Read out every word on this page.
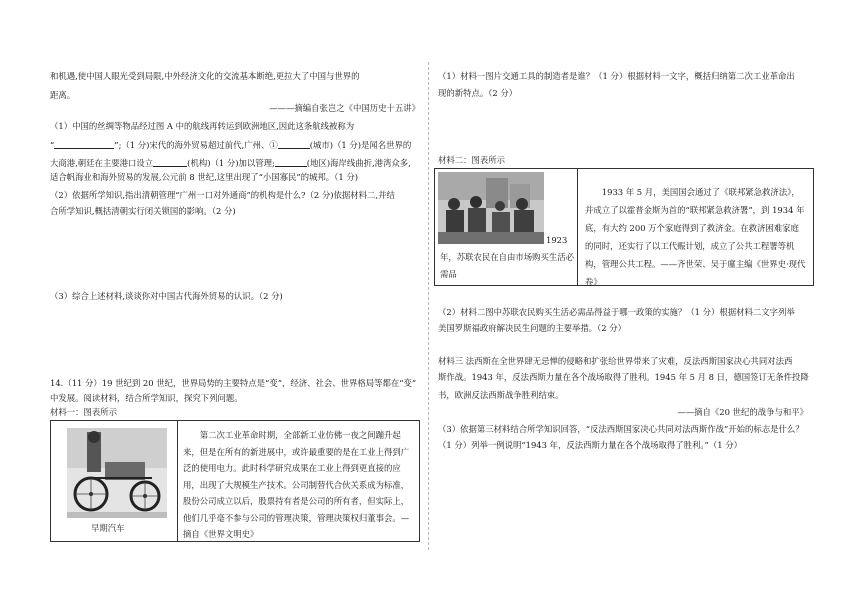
和机遇,使中国人眼光受到局限,中外经济文化的交流基本断绝,更拉大了中国与世界的
距离。
———摘编自张岂之《中国历史十五讲》
（1）中国的丝绸等物品经过图 A 中的航线再转运到欧洲地区,因此这条航线被称为
“	”;（1 分)宋代的海外贸易超过前代,广州、①	(城市)（1 分)是闻名世界的
大商港,朝廷在主要港口设立	(机构)（1 分)加以管理;	(地区)海岸线曲折,港湾众多,
适合帆海业和海外贸易的发展,公元前 8 世纪,这里出现了“小国寡民”的城邦。（1 分)
（2）依据所学知识,指出清朝管理“广州一口对外通商”的机构是什么?（2 分)依据材料二,并结
合所学知识,概括清朝实行闭关锁国的影响。（2 分)
（3）综合上述材料,谈谈你对中国古代海外贸易的认识。（2 分)
14.（11 分）19 世纪到 20 世纪，世界局势的主要特点是“变”，经济、社会、世界格局等都在“变”
中发展。阅读材料，结合所学知识，探究下列问题。
材料一：图表所示
早期汽车
第二次工业革命时期，全部新工业仿佛一夜之间蹦升起来，但是在所有的新进展中，或许最重要的是在工业上得到广泛的使用电力。此时科学研究成果在工业上得到更直接的应用，出现了大规模生产技术。公司制替代合伙关系成为标准，股份公司成立以后，股票持有者是公司的所有者，但实际上，他们几乎毫不参与公司的管理决策，管理决策权归董事会。—摘自《世界文明史》
（1）材料一图片交通工具的制造者是谁？（1 分）根据材料一文字，概括归纳第二次工业革命出
现的新特点。（2 分）
材料二：图表所示
1923
年，苏联农民在自由市场购买生活必
需品
1933 年 5 月，美国国会通过了《联邦紧急救济法》，并成立了以霍普金斯为首的“联邦紧急救济署”，到 1934 年底，有大约 200 万个家庭得到了救济金。在救济困难家庭的同时，还实行了以工代赈计划，成立了公共工程署等机构，管理公共工程。——齐世荣、吴于廑主编《世界史·现代卷》
（2）材料二图中苏联农民购买生活必需品得益于哪一政策的实施？（1 分）根据材料二文字列举
美国罗斯福政府解决民生问题的主要举措。（2 分）
材料三 法西斯在全世界肆无忌惮的侵略和扩张给世界带来了灾难，反法西斯国家决心共同对法西
斯作战。1943 年，反法西斯力量在各个战场取得了胜利。1945 年 5 月 8 日，德国签订无条件投降
书，欧洲反法西斯战争胜利结束。
——摘自《20 世纪的战争与和平》
（3）依据第三材料结合所学知识回答，“反法西斯国家决心共同对法西斯作战”开始的标志是什么？
（1 分）列举一例说明“1943 年，反法西斯力量在各个战场取得了胜利。”（1 分）
